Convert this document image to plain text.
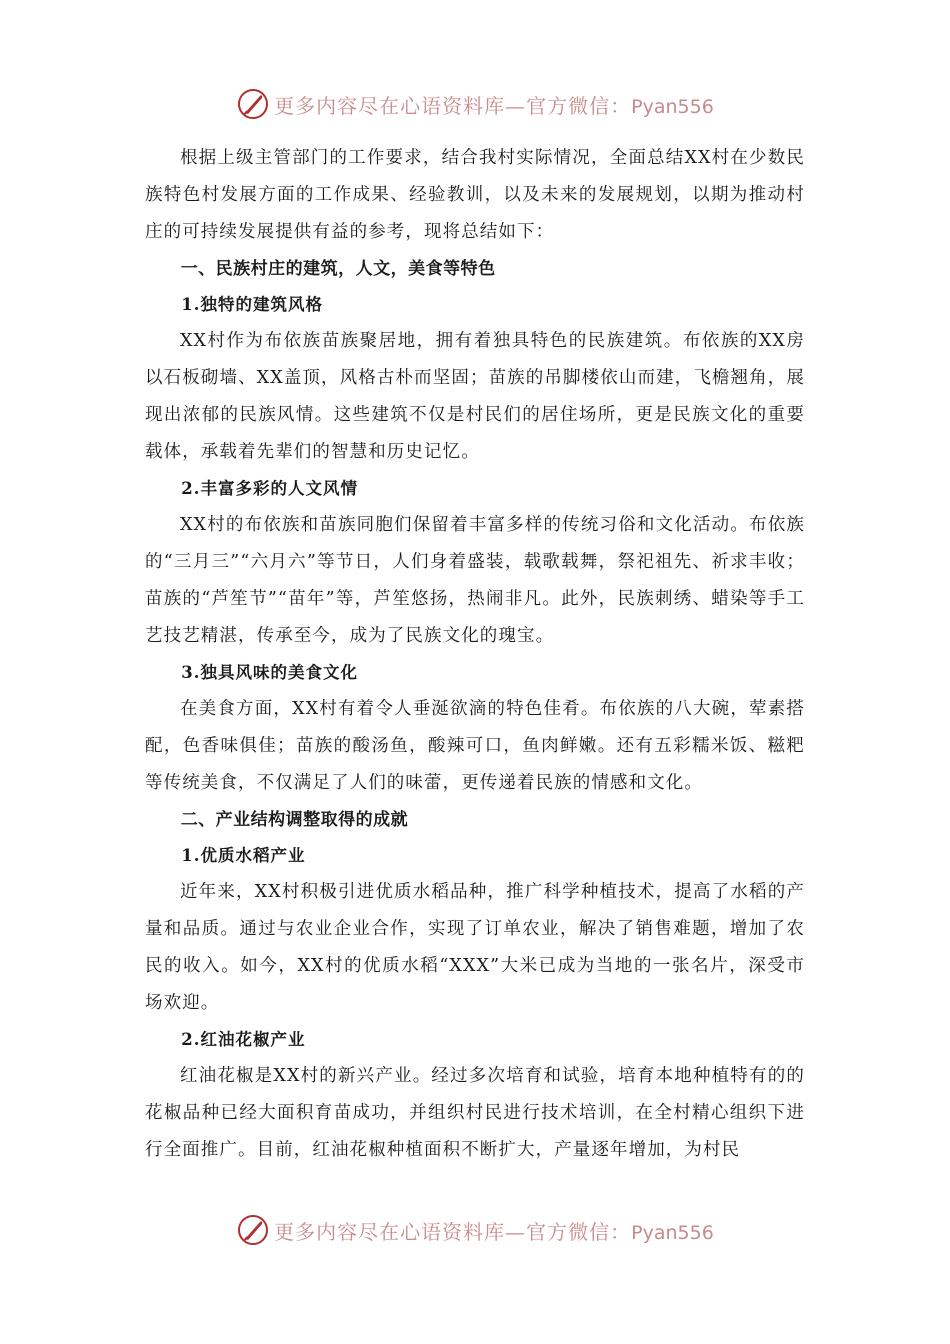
更多内容尽在心语资料库—官方微信：Pyan556

根据上级主管部门的工作要求，结合我村实际情况，全面总结XX村在少数民族特色村发展方面的工作成果、经验教训，以及未来的发展规划，以期为推动村庄的可持续发展提供有益的参考，现将总结如下：

一、民族村庄的建筑，人文，美食等特色
1.独特的建筑风格

XX村作为布依族苗族聚居地，拥有着独具特色的民族建筑。布依族的XX房以石板砌墙、XX盖顶，风格古朴而坚固；苗族的吊脚楼依山而建，飞檐翘角，展现出浓郁的民族风情。这些建筑不仅是村民们的居住场所，更是民族文化的重要载体，承载着先辈们的智慧和历史记忆。

2.丰富多彩的人文风情

XX村的布依族和苗族同胞们保留着丰富多样的传统习俗和文化活动。布依族的“三月三”“六月六”等节日，人们身着盛装，载歌载舞，祭祀祖先、祈求丰收；苗族的“芦笙节”“苗年”等，芦笙悠扬，热闹非凡。此外，民族刺绣、蜡染等手工艺技艺精湛，传承至今，成为了民族文化的瑰宝。

3.独具风味的美食文化

在美食方面，XX村有着令人垂涎欲滴的特色佳肴。布依族的八大碗，荤素搭配，色香味俱佳；苗族的酸汤鱼，酸辣可口，鱼肉鲜嫩。还有五彩糯米饭、糍粑等传统美食，不仅满足了人们的味蕾，更传递着民族的情感和文化。

二、产业结构调整取得的成就
1.优质水稻产业

近年来，XX村积极引进优质水稻品种，推广科学种植技术，提高了水稻的产量和品质。通过与农业企业合作，实现了订单农业，解决了销售难题，增加了农民的收入。如今，XX村的优质水稻“XXX”大米已成为当地的一张名片，深受市场欢迎。

2.红油花椒产业

红油花椒是XX村的新兴产业。经过多次培育和试验，培育本地种植特有的的花椒品种已经大面积育苗成功，并组织村民进行技术培训，在全村精心组织下进行全面推广。目前，红油花椒种植面积不断扩大，产量逐年增加，为村民

更多内容尽在心语资料库—官方微信：Pyan556
